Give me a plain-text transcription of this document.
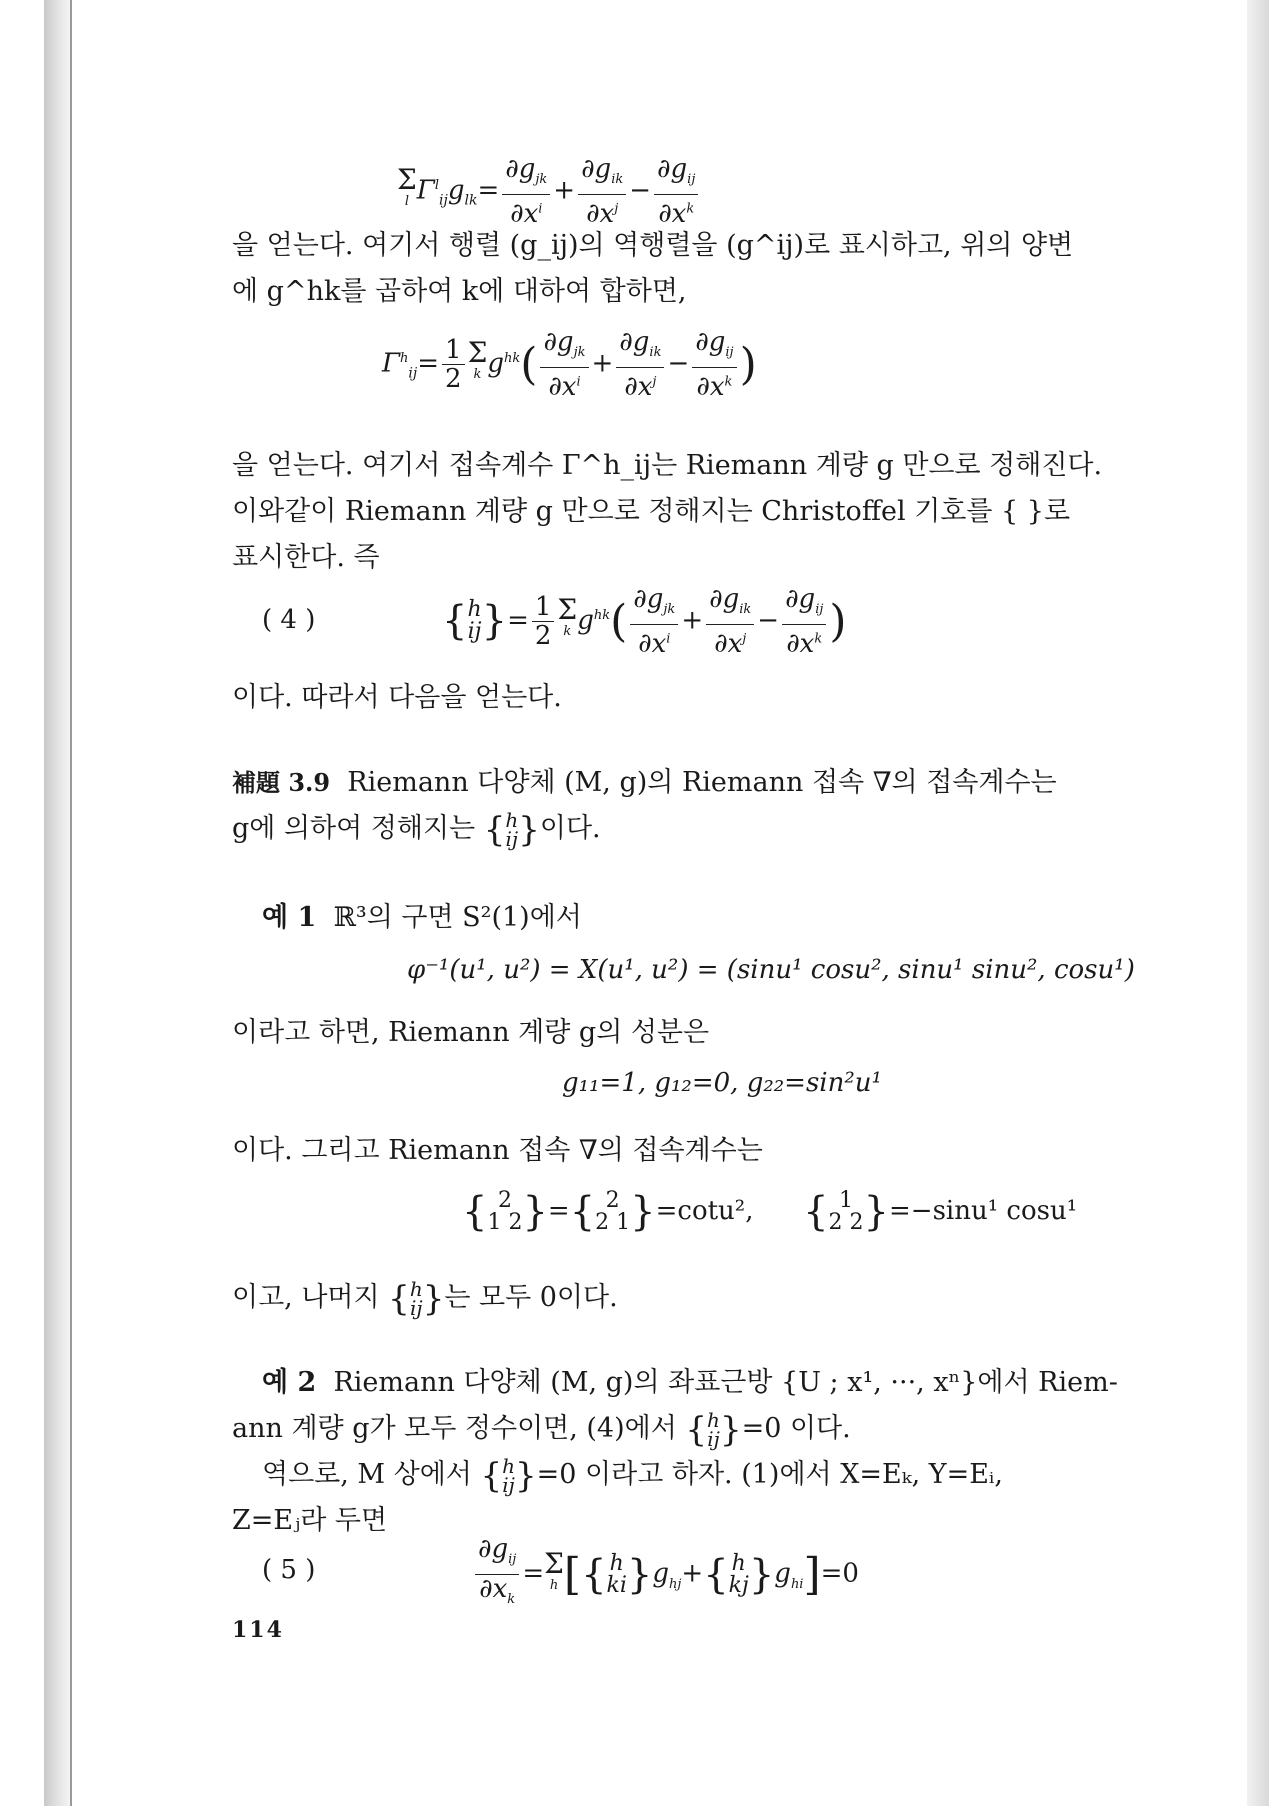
Σ
l $\Gamma^l_{ij}g_{lk}= \frac{\partial g_{jk}}{\partial x^i} + \frac{\partial g_{ik}}{\partial x^j} - \frac{\partial g_{ij}}{\partial x^k}$
을 얻는다. 여기서 행렬 (g_ij)의 역행렬을 (g^ij)로 표시하고, 위의 양변
에 g^hk를 곱하여 k에 대하여 합하면,
$\Gamma^h_{ij}= \frac{1}{2}$ Σ
k $g^{hk}( \frac{\partial g_{jk}}{\partial x^i} + \frac{\partial g_{ik}}{\partial x^j} - \frac{\partial g_{ij}}{\partial x^k}$ )
을 얻는다. 여기서 접속계수 Γ^h_ij는 Riemann 계량 g 만으로 정해진다.
이와같이 Riemann 계량 g 만으로 정해지는 Christoffel 기호를 { }로
표시한다. 즉
( 4 )	{ h
ij }= $\frac{1}{2}$ Σ
k $g^{hk}( \frac{\partial g_{jk}}{\partial x^i} + \frac{\partial g_{ik}}{\partial x^j} - \frac{\partial g_{ij}}{\partial x^k}$ )
이다. 따라서 다음을 얻는다.
補題 3.9 Riemann 다양체 (M, g)의 Riemann 접속 ∇의 접속계수는
g에 의하여 정해지는 { h
ij }이다.
예 1 ℝ³의 구면 S²(1)에서
φ⁻¹(u¹, u²) = X(u¹, u²) = (sinu¹ cosu², sinu¹ sinu², cosu¹)
이라고 하면, Riemann 계량 g의 성분은
g₁₁=1, g₁₂=0, g₂₂=sin²u¹
이다. 그리고 Riemann 접속 ∇의 접속계수는
{ 2
1 2 }={ 2
2 1 }=cotu², { 1
2 2 }=−sinu¹ cosu¹
이고, 나머지 { h
ij }는 모두 0이다.
예 2 Riemann 다양체 (M, g)의 좌표근방 {U ; x¹, ···, xⁿ}에서 Riem-
ann 계량 g가 모두 정수이면, (4)에서 { h
ij }=0 이다.
역으로, M 상에서 { h
ij }=0 이라고 하자. (1)에서 X=Eₖ, Y=Eᵢ,
Z=Eⱼ라 두면
( 5 )	$\frac{\partial g_{ij}}{\partial x_k} =\Sigma$
h [{ h
ki }$g_{hj}+${ h
kj }$g_{hi}]=0$
114
